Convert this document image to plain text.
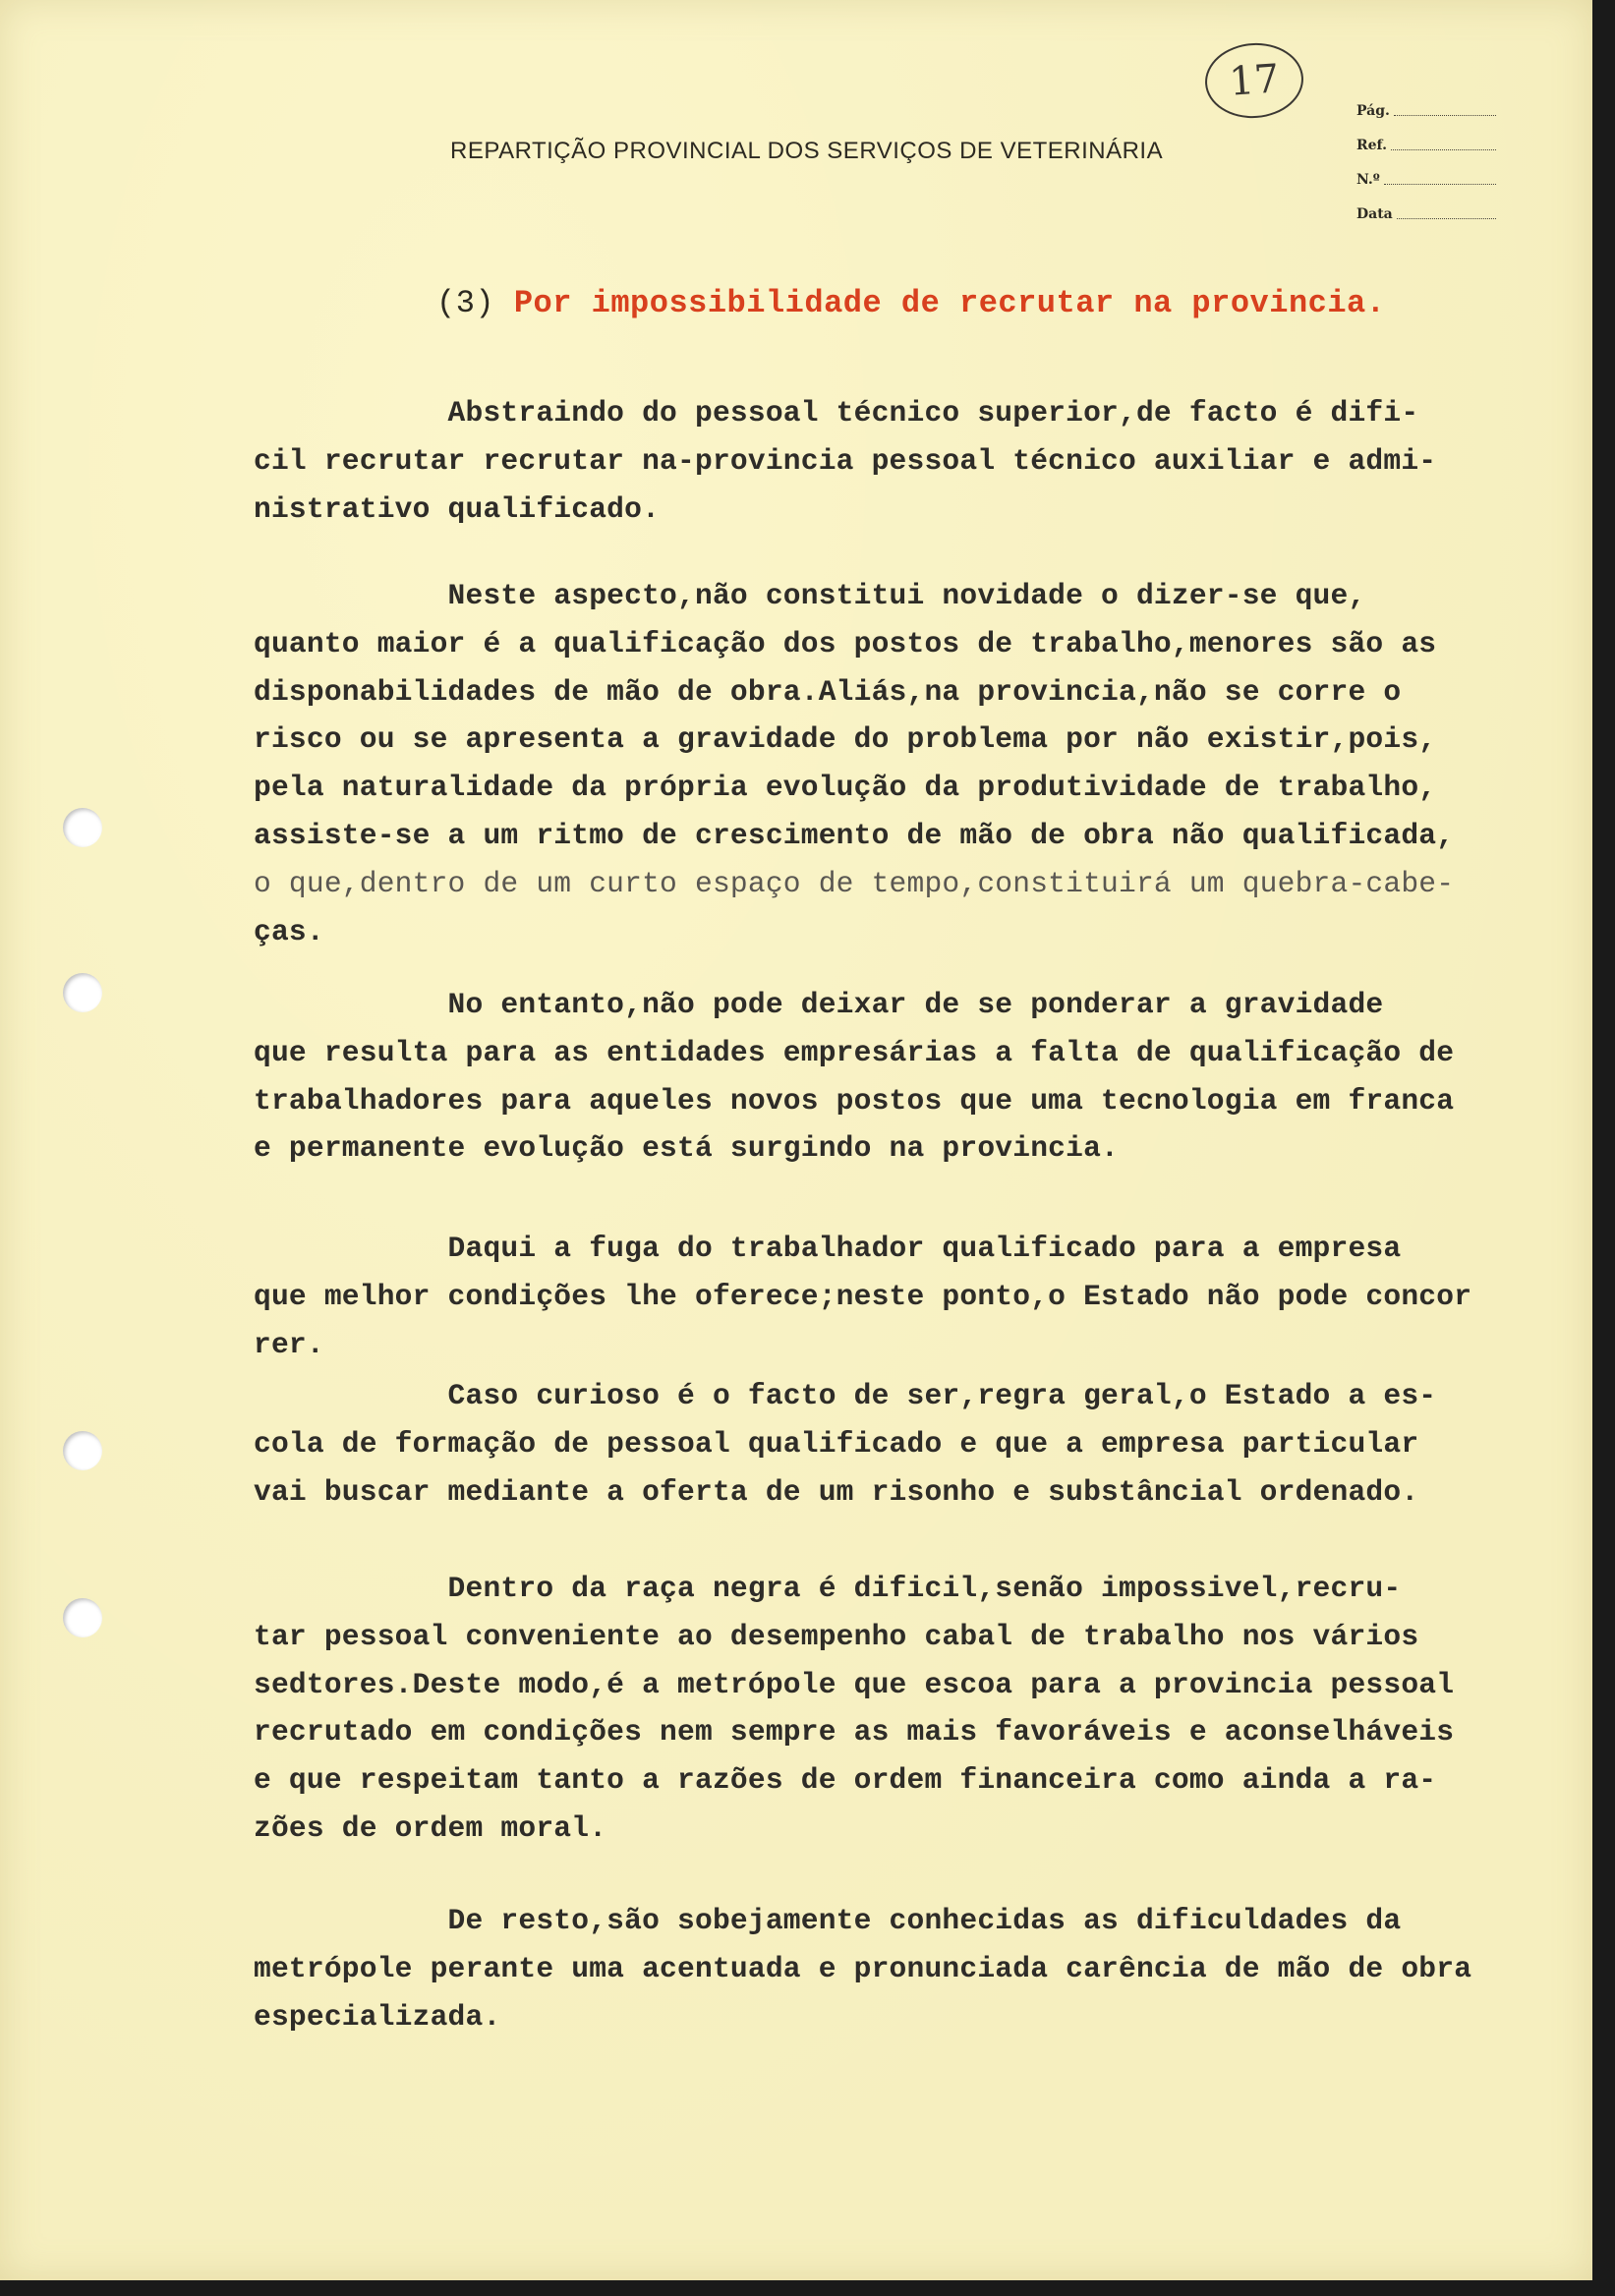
17
REPARTIÇÃO PROVINCIAL DOS SERVIÇOS DE VETERINÁRIA
Pág.
Ref.
N.º
Data
(3) Por impossibilidade de recrutar na provincia.
Abstraindo do pessoal técnico superior,de facto é difi-
cil recrutar recrutar na-provincia pessoal técnico auxiliar e admi-
nistrativo qualificado.
Neste aspecto,não constitui novidade o dizer-se que,
quanto maior é a qualificação dos postos de trabalho,menores são as
disponabilidades de mão de obra.Aliás,na provincia,não se corre o
risco ou se apresenta a gravidade do problema por não existir,pois,
pela naturalidade da própria evolução da produtividade de trabalho,
assiste-se a um ritmo de crescimento de mão de obra não qualificada,
o que,dentro de um curto espaço de tempo,constituirá um quebra-cabe-
ças.
No entanto,não pode deixar de se ponderar a gravidade
que resulta para as entidades empresárias a falta de qualificação de
trabalhadores para aqueles novos postos que uma tecnologia em franca
e permanente evolução está surgindo na provincia.
Daqui a fuga do trabalhador qualificado para a empresa
que melhor condições lhe oferece;neste ponto,o Estado não pode concor
rer.
Caso curioso é o facto de ser,regra geral,o Estado a es-
cola de formação de pessoal qualificado e que a empresa particular
vai buscar mediante a oferta de um risonho e substâncial ordenado.
Dentro da raça negra é dificil,senão impossivel,recru-
tar pessoal conveniente ao desempenho cabal de trabalho nos vários
sedtores.Deste modo,é a metrópole que escoa para a provincia pessoal
recrutado em condições nem sempre as mais favoráveis e aconselháveis
e que respeitam tanto a razões de ordem financeira como ainda a ra-
zões de ordem moral.
De resto,são sobejamente conhecidas as dificuldades da
metrópole perante uma acentuada e pronunciada carência de mão de obra
especializada.
